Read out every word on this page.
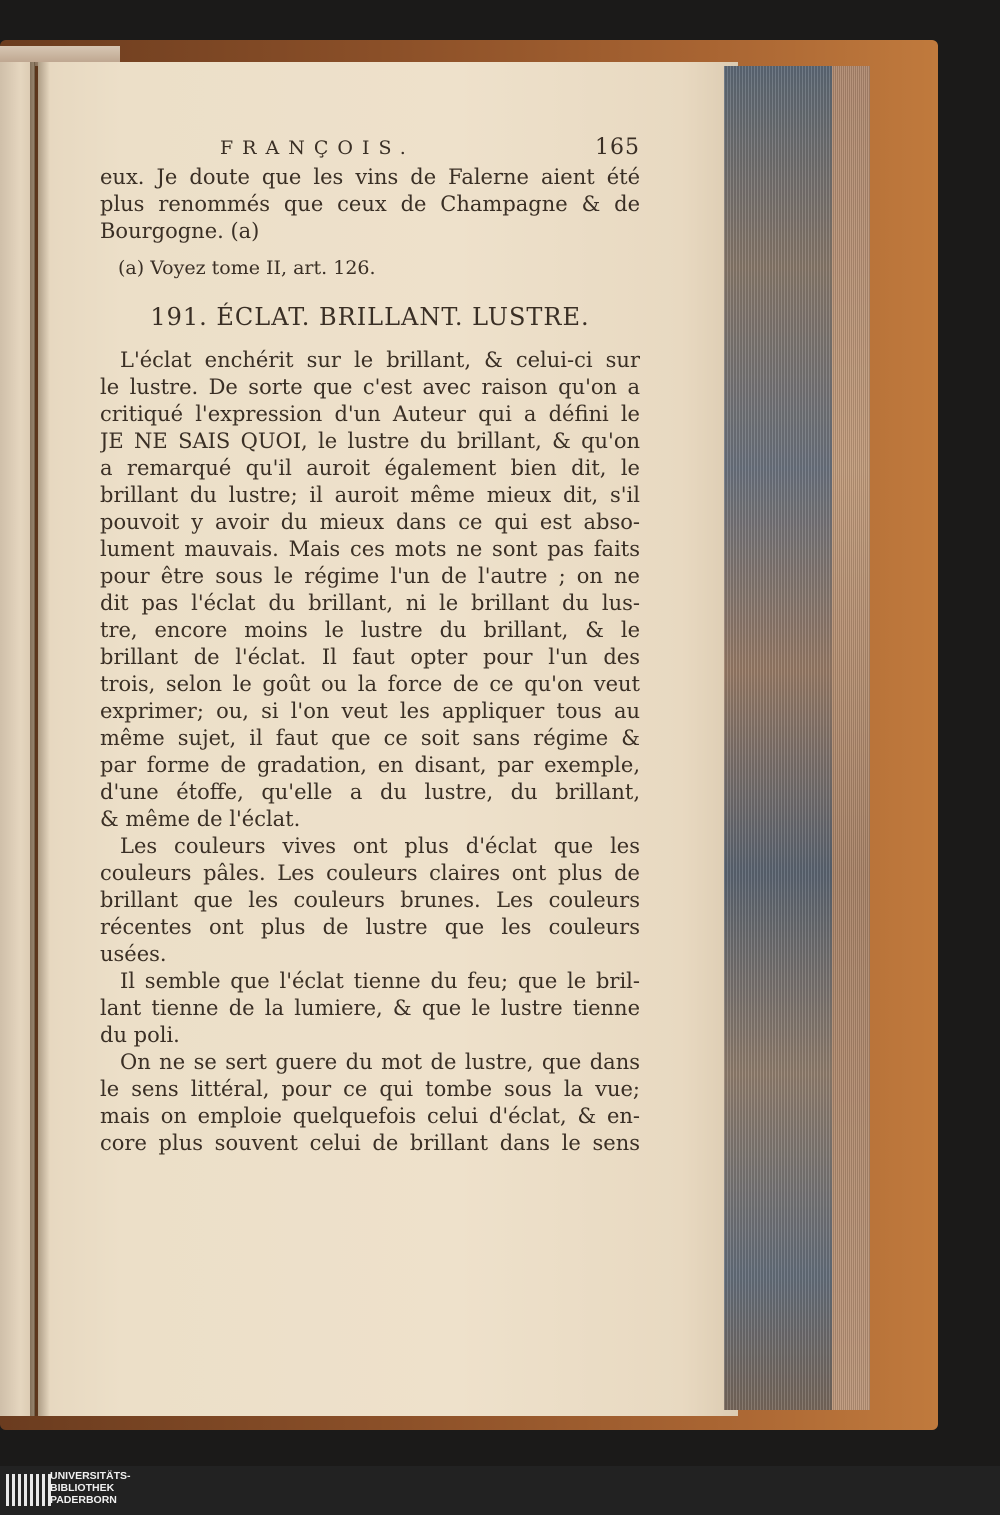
FRANÇOIS.	165
eux. Je doute que les vins de Falerne aient été
plus renommés que ceux de Champagne & de
Bourgogne. (a)
(a) Voyez tome II, art. 126.
191. ÉCLAT. BRILLANT. LUSTRE.
L'éclat enchérit sur le brillant, & celui-ci sur
le lustre. De sorte que c'est avec raison qu'on a
critiqué l'expression d'un Auteur qui a défini le
JE NE SAIS QUOI, le lustre du brillant, & qu'on
a remarqué qu'il auroit également bien dit, le
brillant du lustre; il auroit même mieux dit, s'il
pouvoit y avoir du mieux dans ce qui est abso-
lument mauvais. Mais ces mots ne sont pas faits
pour être sous le régime l'un de l'autre ; on ne
dit pas l'éclat du brillant, ni le brillant du lus-
tre, encore moins le lustre du brillant, & le
brillant de l'éclat. Il faut opter pour l'un des
trois, selon le goût ou la force de ce qu'on veut
exprimer; ou, si l'on veut les appliquer tous au
même sujet, il faut que ce soit sans régime &
par forme de gradation, en disant, par exemple,
d'une étoffe, qu'elle a du lustre, du brillant,
& même de l'éclat.
Les couleurs vives ont plus d'éclat que les
couleurs pâles. Les couleurs claires ont plus de
brillant que les couleurs brunes. Les couleurs
récentes ont plus de lustre que les couleurs
usées.
Il semble que l'éclat tienne du feu; que le bril-
lant tienne de la lumiere, & que le lustre tienne
du poli.
On ne se sert guere du mot de lustre, que dans
le sens littéral, pour ce qui tombe sous la vue;
mais on emploie quelquefois celui d'éclat, & en-
core plus souvent celui de brillant dans le sens
UNIVERSITÄTS-
BIBLIOTHEK
PADERBORN
